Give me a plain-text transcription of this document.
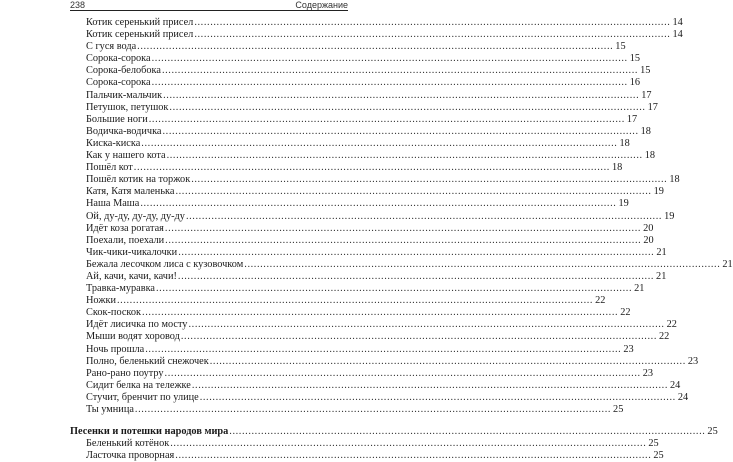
238	Содержание
Котик серенький присел ...................................................................................................................................................... 14
Котик серенький присел ...................................................................................................................................................... 14
С гуся вода ...................................................................................................................................................... 15
Сорока-сорока ...................................................................................................................................................... 15
Сорока-белобока ...................................................................................................................................................... 15
Сорока-сорока ...................................................................................................................................................... 16
Пальчик-мальчик ...................................................................................................................................................... 17
Петушок, петушок ...................................................................................................................................................... 17
Большие ноги ...................................................................................................................................................... 17
Водичка-водичка ...................................................................................................................................................... 18
Киска-киска ...................................................................................................................................................... 18
Как у нашего кота ...................................................................................................................................................... 18
Пошёл кот ...................................................................................................................................................... 18
Пошёл котик на торжок ...................................................................................................................................................... 18
Катя, Катя маленька ...................................................................................................................................................... 19
Наша Маша ...................................................................................................................................................... 19
Ой, ду-ду, ду-ду, ду-ду ...................................................................................................................................................... 19
Идёт коза рогатая ...................................................................................................................................................... 20
Поехали, поехали ...................................................................................................................................................... 20
Чик-чики-чикалочки ...................................................................................................................................................... 21
Бежала лесочком лиса с кузовочком ...................................................................................................................................................... 21
Ай, качи, качи, качи! ...................................................................................................................................................... 21
Травка-муравка ...................................................................................................................................................... 21
Ножки ...................................................................................................................................................... 22
Скок-поскок ...................................................................................................................................................... 22
Идёт лисичка по мосту ...................................................................................................................................................... 22
Мыши водят хоровод ...................................................................................................................................................... 22
Ночь прошла ...................................................................................................................................................... 23
Полно, беленький снежочек ...................................................................................................................................................... 23
Рано-рано поутру ...................................................................................................................................................... 23
Сидит белка на тележке ...................................................................................................................................................... 24
Стучит, бренчит по улице ...................................................................................................................................................... 24
Ты умница ...................................................................................................................................................... 25
Песенки и потешки народов мира ...................................................................................................................................................... 25
Беленький котёнок ...................................................................................................................................................... 25
Ласточка проворная ...................................................................................................................................................... 25
